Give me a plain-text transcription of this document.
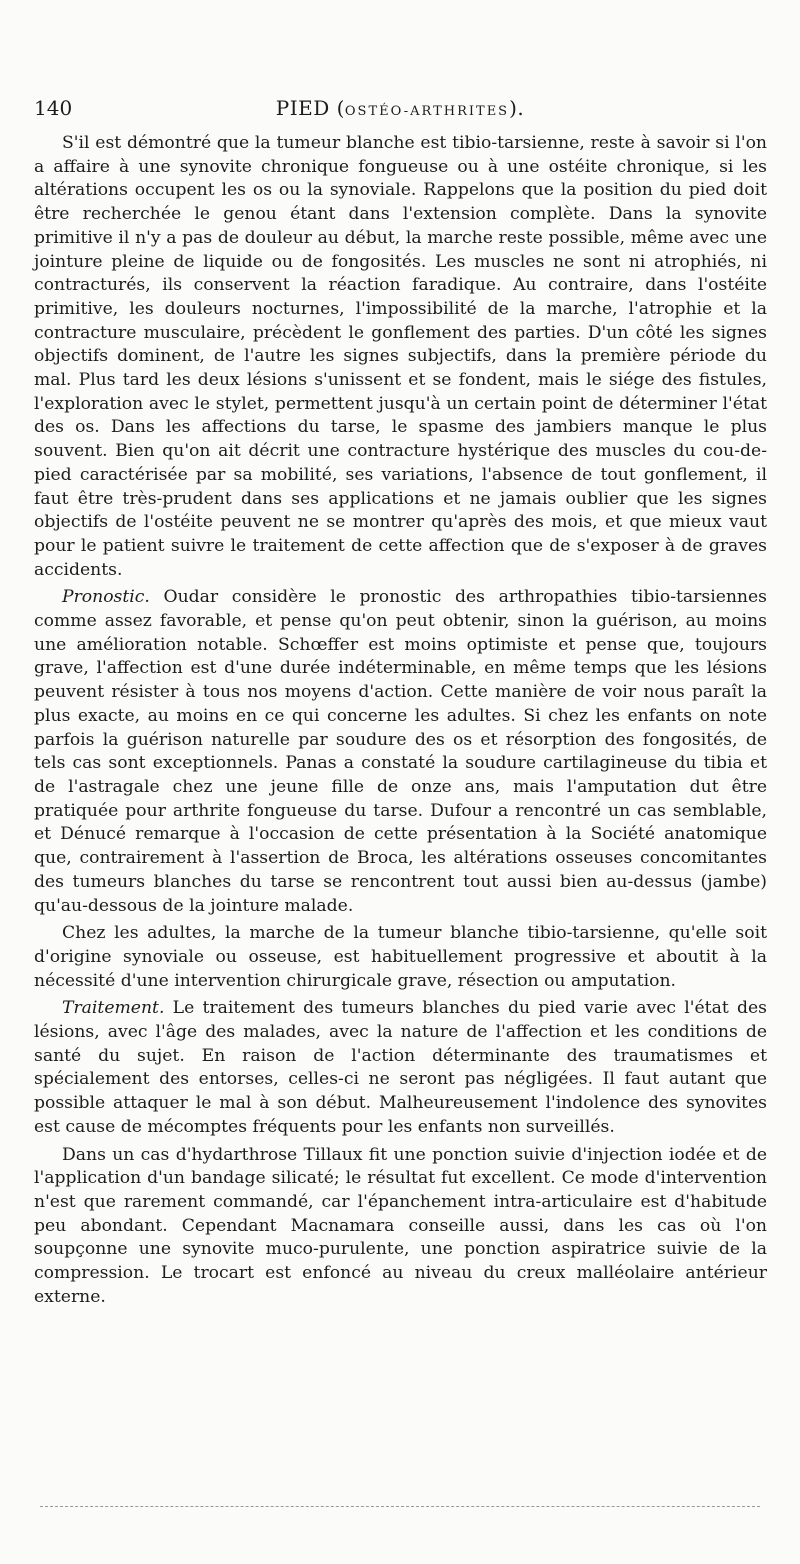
140	PIED (OSTÉO-ARTHRITES).

S'il est démontré que la tumeur blanche est tibio-tarsienne, reste à savoir si l'on a affaire à une synovite chronique fongueuse ou à une ostéite chronique, si les altérations occupent les os ou la synoviale. Rappelons que la position du pied doit être recherchée le genou étant dans l'extension complète. Dans la synovite primitive il n'y a pas de douleur au début, la marche reste possible, même avec une jointure pleine de liquide ou de fongosités. Les muscles ne sont ni atrophiés, ni contracturés, ils conservent la réaction faradique. Au contraire, dans l'ostéite primitive, les douleurs nocturnes, l'impossibilité de la marche, l'atrophie et la contracture musculaire, précèdent le gonflement des parties. D'un côté les signes objectifs dominent, de l'autre les signes subjectifs, dans la première période du mal. Plus tard les deux lésions s'unissent et se fondent, mais le siége des fistules, l'exploration avec le stylet, permettent jusqu'à un certain point de déterminer l'état des os. Dans les affections du tarse, le spasme des jambiers manque le plus souvent. Bien qu'on ait décrit une contracture hystérique des muscles du cou-de-pied caractérisée par sa mobilité, ses variations, l'absence de tout gonflement, il faut être très-prudent dans ses applications et ne jamais oublier que les signes objectifs de l'ostéite peuvent ne se montrer qu'après des mois, et que mieux vaut pour le patient suivre le traitement de cette affection que de s'exposer à de graves accidents.

Pronostic. Oudar considère le pronostic des arthropathies tibio-tarsiennes comme assez favorable, et pense qu'on peut obtenir, sinon la guérison, au moins une amélioration notable. Schœffer est moins optimiste et pense que, toujours grave, l'affection est d'une durée indéterminable, en même temps que les lésions peuvent résister à tous nos moyens d'action. Cette manière de voir nous paraît la plus exacte, au moins en ce qui concerne les adultes. Si chez les enfants on note parfois la guérison naturelle par soudure des os et résorption des fongosités, de tels cas sont exceptionnels. Panas a constaté la soudure cartilagineuse du tibia et de l'astragale chez une jeune fille de onze ans, mais l'amputation dut être pratiquée pour arthrite fongueuse du tarse. Dufour a rencontré un cas semblable, et Dénucé remarque à l'occasion de cette présentation à la Société anatomique que, contrairement à l'assertion de Broca, les altérations osseuses concomitantes des tumeurs blanches du tarse se rencontrent tout aussi bien au-dessus (jambe) qu'au-dessous de la jointure malade.

Chez les adultes, la marche de la tumeur blanche tibio-tarsienne, qu'elle soit d'origine synoviale ou osseuse, est habituellement progressive et aboutit à la nécessité d'une intervention chirurgicale grave, résection ou amputation.

Traitement. Le traitement des tumeurs blanches du pied varie avec l'état des lésions, avec l'âge des malades, avec la nature de l'affection et les conditions de santé du sujet. En raison de l'action déterminante des traumatismes et spécialement des entorses, celles-ci ne seront pas négligées. Il faut autant que possible attaquer le mal à son début. Malheureusement l'indolence des synovites est cause de mécomptes fréquents pour les enfants non surveillés.

Dans un cas d'hydarthrose Tillaux fit une ponction suivie d'injection iodée et de l'application d'un bandage silicaté; le résultat fut excellent. Ce mode d'intervention n'est que rarement commandé, car l'épanchement intra-articulaire est d'habitude peu abondant. Cependant Macnamara conseille aussi, dans les cas où l'on soupçonne une synovite muco-purulente, une ponction aspiratrice suivie de la compression. Le trocart est enfoncé au niveau du creux malléolaire antérieur externe.
